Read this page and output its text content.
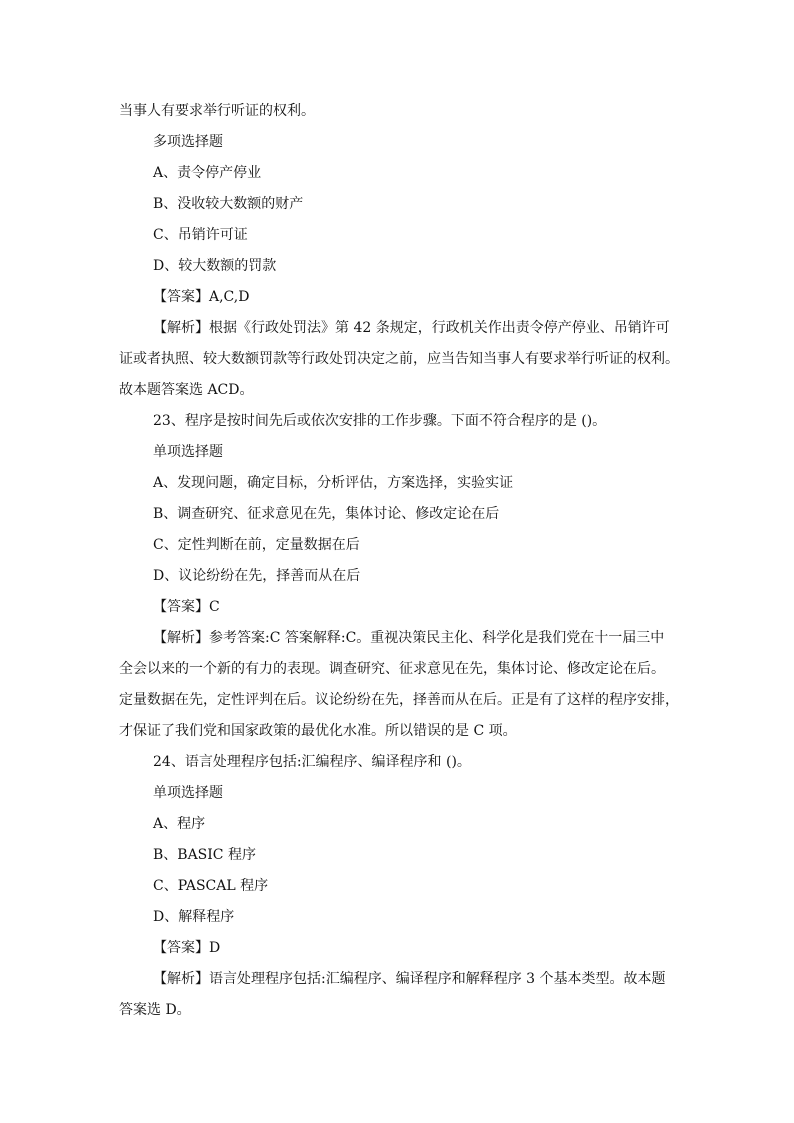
当事人有要求举行听证的权利。
多项选择题
A、责令停产停业
B、没收较大数额的财产
C、吊销许可证
D、较大数额的罚款
【答案】A,C,D
【解析】根据《行政处罚法》第 42 条规定，行政机关作出责令停产停业、吊销许可
证或者执照、较大数额罚款等行政处罚决定之前，应当告知当事人有要求举行听证的权利。
故本题答案选 ACD。
23、程序是按时间先后或依次安排的工作步骤。下面不符合程序的是 ()。
单项选择题
A、发现问题，确定目标，分析评估，方案选择，实验实证
B、调查研究、征求意见在先，集体讨论、修改定论在后
C、定性判断在前，定量数据在后
D、议论纷纷在先，择善而从在后
【答案】C
【解析】参考答案:C 答案解释:C。重视决策民主化、科学化是我们党在十一届三中
全会以来的一个新的有力的表现。调查研究、征求意见在先，集体讨论、修改定论在后。
定量数据在先，定性评判在后。议论纷纷在先，择善而从在后。正是有了这样的程序安排，
才保证了我们党和国家政策的最优化水准。所以错误的是 C 项。
24、语言处理程序包括:汇编程序、编译程序和 ()。
单项选择题
A、程序
B、BASIC 程序
C、PASCAL 程序
D、解释程序
【答案】D
【解析】语言处理程序包括:汇编程序、编译程序和解释程序 3 个基本类型。故本题
答案选 D。
